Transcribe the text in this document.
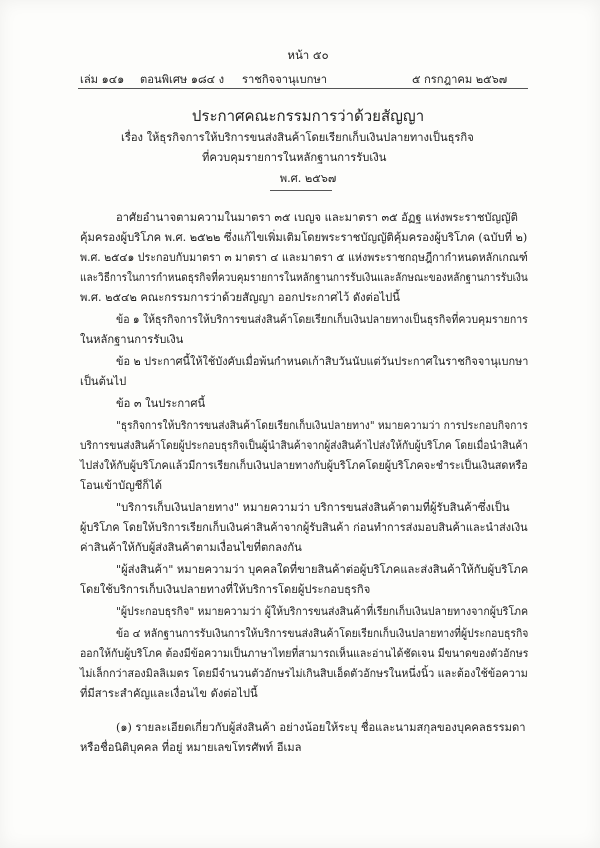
หน้า ๕๐
เล่ม ๑๔๑ ตอนพิเศษ ๑๘๔ ง ราชกิจจานุเบกษา	๕ กรกฎาคม ๒๕๖๗
ประกาศคณะกรรมการว่าด้วยสัญญา
เรื่อง ให้ธุรกิจการให้บริการขนส่งสินค้าโดยเรียกเก็บเงินปลายทางเป็นธุรกิจ
ที่ควบคุมรายการในหลักฐานการรับเงิน
พ.ศ. ๒๕๖๗
อาศัยอำนาจตามความในมาตรา ๓๕ เบญจ และมาตรา ๓๕ อัฏฐ แห่งพระราชบัญญัติ
คุ้มครองผู้บริโภค พ.ศ. ๒๕๒๒ ซึ่งแก้ไขเพิ่มเติมโดยพระราชบัญญัติคุ้มครองผู้บริโภค (ฉบับที่ ๒)
พ.ศ. ๒๕๔๑ ประกอบกับมาตรา ๓ มาตรา ๔ และมาตรา ๕ แห่งพระราชกฤษฎีกากำหนดหลักเกณฑ์
และวิธีการในการกำหนดธุรกิจที่ควบคุมรายการในหลักฐานการรับเงินและลักษณะของหลักฐานการรับเงิน
พ.ศ. ๒๕๔๒ คณะกรรมการว่าด้วยสัญญา ออกประกาศไว้ ดังต่อไปนี้
ข้อ ๑ ให้ธุรกิจการให้บริการขนส่งสินค้าโดยเรียกเก็บเงินปลายทางเป็นธุรกิจที่ควบคุมรายการ
ในหลักฐานการรับเงิน
ข้อ ๒ ประกาศนี้ให้ใช้บังคับเมื่อพ้นกำหนดเก้าสิบวันนับแต่วันประกาศในราชกิจจานุเบกษา
เป็นต้นไป
ข้อ ๓ ในประกาศนี้
"ธุรกิจการให้บริการขนส่งสินค้าโดยเรียกเก็บเงินปลายทาง" หมายความว่า การประกอบกิจการ
บริการขนส่งสินค้าโดยผู้ประกอบธุรกิจเป็นผู้นำสินค้าจากผู้ส่งสินค้าไปส่งให้กับผู้บริโภค โดยเมื่อนำสินค้า
ไปส่งให้กับผู้บริโภคแล้วมีการเรียกเก็บเงินปลายทางกับผู้บริโภคโดยผู้บริโภคจะชำระเป็นเงินสดหรือ
โอนเข้าบัญชีก็ได้
"บริการเก็บเงินปลายทาง" หมายความว่า บริการขนส่งสินค้าตามที่ผู้รับสินค้าซึ่งเป็น
ผู้บริโภค โดยให้บริการเรียกเก็บเงินค่าสินค้าจากผู้รับสินค้า ก่อนทำการส่งมอบสินค้าและนำส่งเงิน
ค่าสินค้าให้กับผู้ส่งสินค้าตามเงื่อนไขที่ตกลงกัน
"ผู้ส่งสินค้า" หมายความว่า บุคคลใดที่ขายสินค้าต่อผู้บริโภคและส่งสินค้าให้กับผู้บริโภค
โดยใช้บริการเก็บเงินปลายทางที่ให้บริการโดยผู้ประกอบธุรกิจ
"ผู้ประกอบธุรกิจ" หมายความว่า ผู้ให้บริการขนส่งสินค้าที่เรียกเก็บเงินปลายทางจากผู้บริโภค
ข้อ ๔ หลักฐานการรับเงินการให้บริการขนส่งสินค้าโดยเรียกเก็บเงินปลายทางที่ผู้ประกอบธุรกิจ
ออกให้กับผู้บริโภค ต้องมีข้อความเป็นภาษาไทยที่สามารถเห็นและอ่านได้ชัดเจน มีขนาดของตัวอักษร
ไม่เล็กกว่าสองมิลลิเมตร โดยมีจำนวนตัวอักษรไม่เกินสิบเอ็ดตัวอักษรในหนึ่งนิ้ว และต้องใช้ข้อความ
ที่มีสาระสำคัญและเงื่อนไข ดังต่อไปนี้
(๑) รายละเอียดเกี่ยวกับผู้ส่งสินค้า อย่างน้อยให้ระบุ ชื่อและนามสกุลของบุคคลธรรมดา
หรือชื่อนิติบุคคล ที่อยู่ หมายเลขโทรศัพท์ อีเมล
